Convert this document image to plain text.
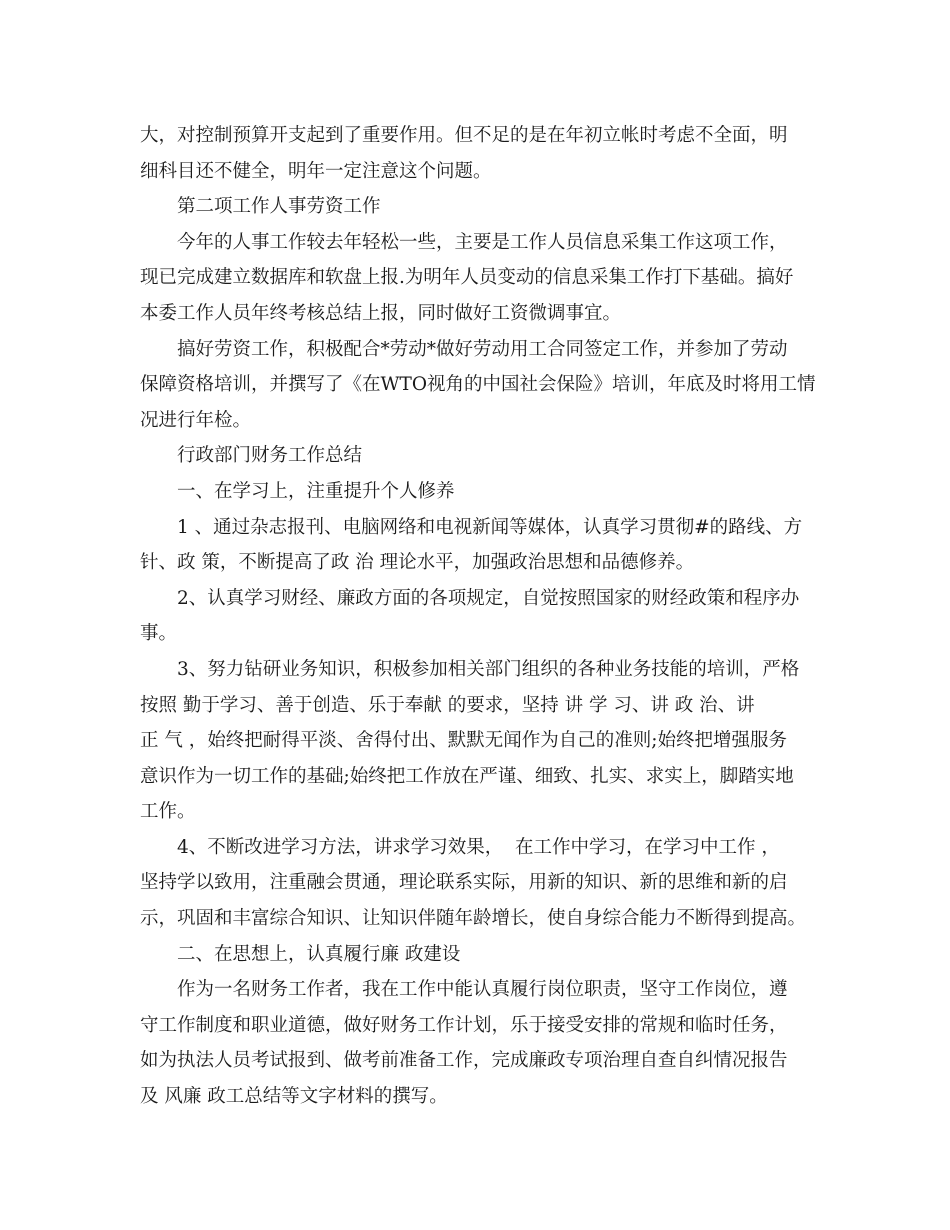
大，对控制预算开支起到了重要作用。但不足的是在年初立帐时考虑不全面，明
细科目还不健全，明年一定注意这个问题。
第二项工作人事劳资工作
今年的人事工作较去年轻松一些，主要是工作人员信息采集工作这项工作，
现已完成建立数据库和软盘上报.为明年人员变动的信息采集工作打下基础。搞好
本委工作人员年终考核总结上报，同时做好工资微调事宜。
搞好劳资工作，积极配合*劳动*做好劳动用工合同签定工作，并参加了劳动
保障资格培训，并撰写了《在WTO视角的中国社会保险》培训，年底及时将用工情
况进行年检。
行政部门财务工作总结
一、在学习上，注重提升个人修养
1 、通过杂志报刊、电脑网络和电视新闻等媒体，认真学习贯彻#的路线、方
针、政 策，不断提高了政 治 理论水平，加强政治思想和品德修养。
2、认真学习财经、廉政方面的各项规定，自觉按照国家的财经政策和程序办
事。
3、努力钻研业务知识，积极参加相关部门组织的各种业务技能的培训，严格
按照 勤于学习、善于创造、乐于奉献 的要求，坚持 讲 学 习、讲 政 治、讲
正 气 ，始终把耐得平淡、舍得付出、默默无闻作为自己的准则;始终把增强服务
意识作为一切工作的基础;始终把工作放在严谨、细致、扎实、求实上，脚踏实地
工作。
4、不断改进学习方法，讲求学习效果，  在工作中学习，在学习中工作 ，
坚持学以致用，注重融会贯通，理论联系实际，用新的知识、新的思维和新的启
示，巩固和丰富综合知识、让知识伴随年龄增长，使自身综合能力不断得到提高。
二、在思想上，认真履行廉 政建设
作为一名财务工作者，我在工作中能认真履行岗位职责，坚守工作岗位，遵
守工作制度和职业道德，做好财务工作计划，乐于接受安排的常规和临时任务，
如为执法人员考试报到、做考前准备工作，完成廉政专项治理自查自纠情况报告
及 风廉 政工总结等文字材料的撰写。
